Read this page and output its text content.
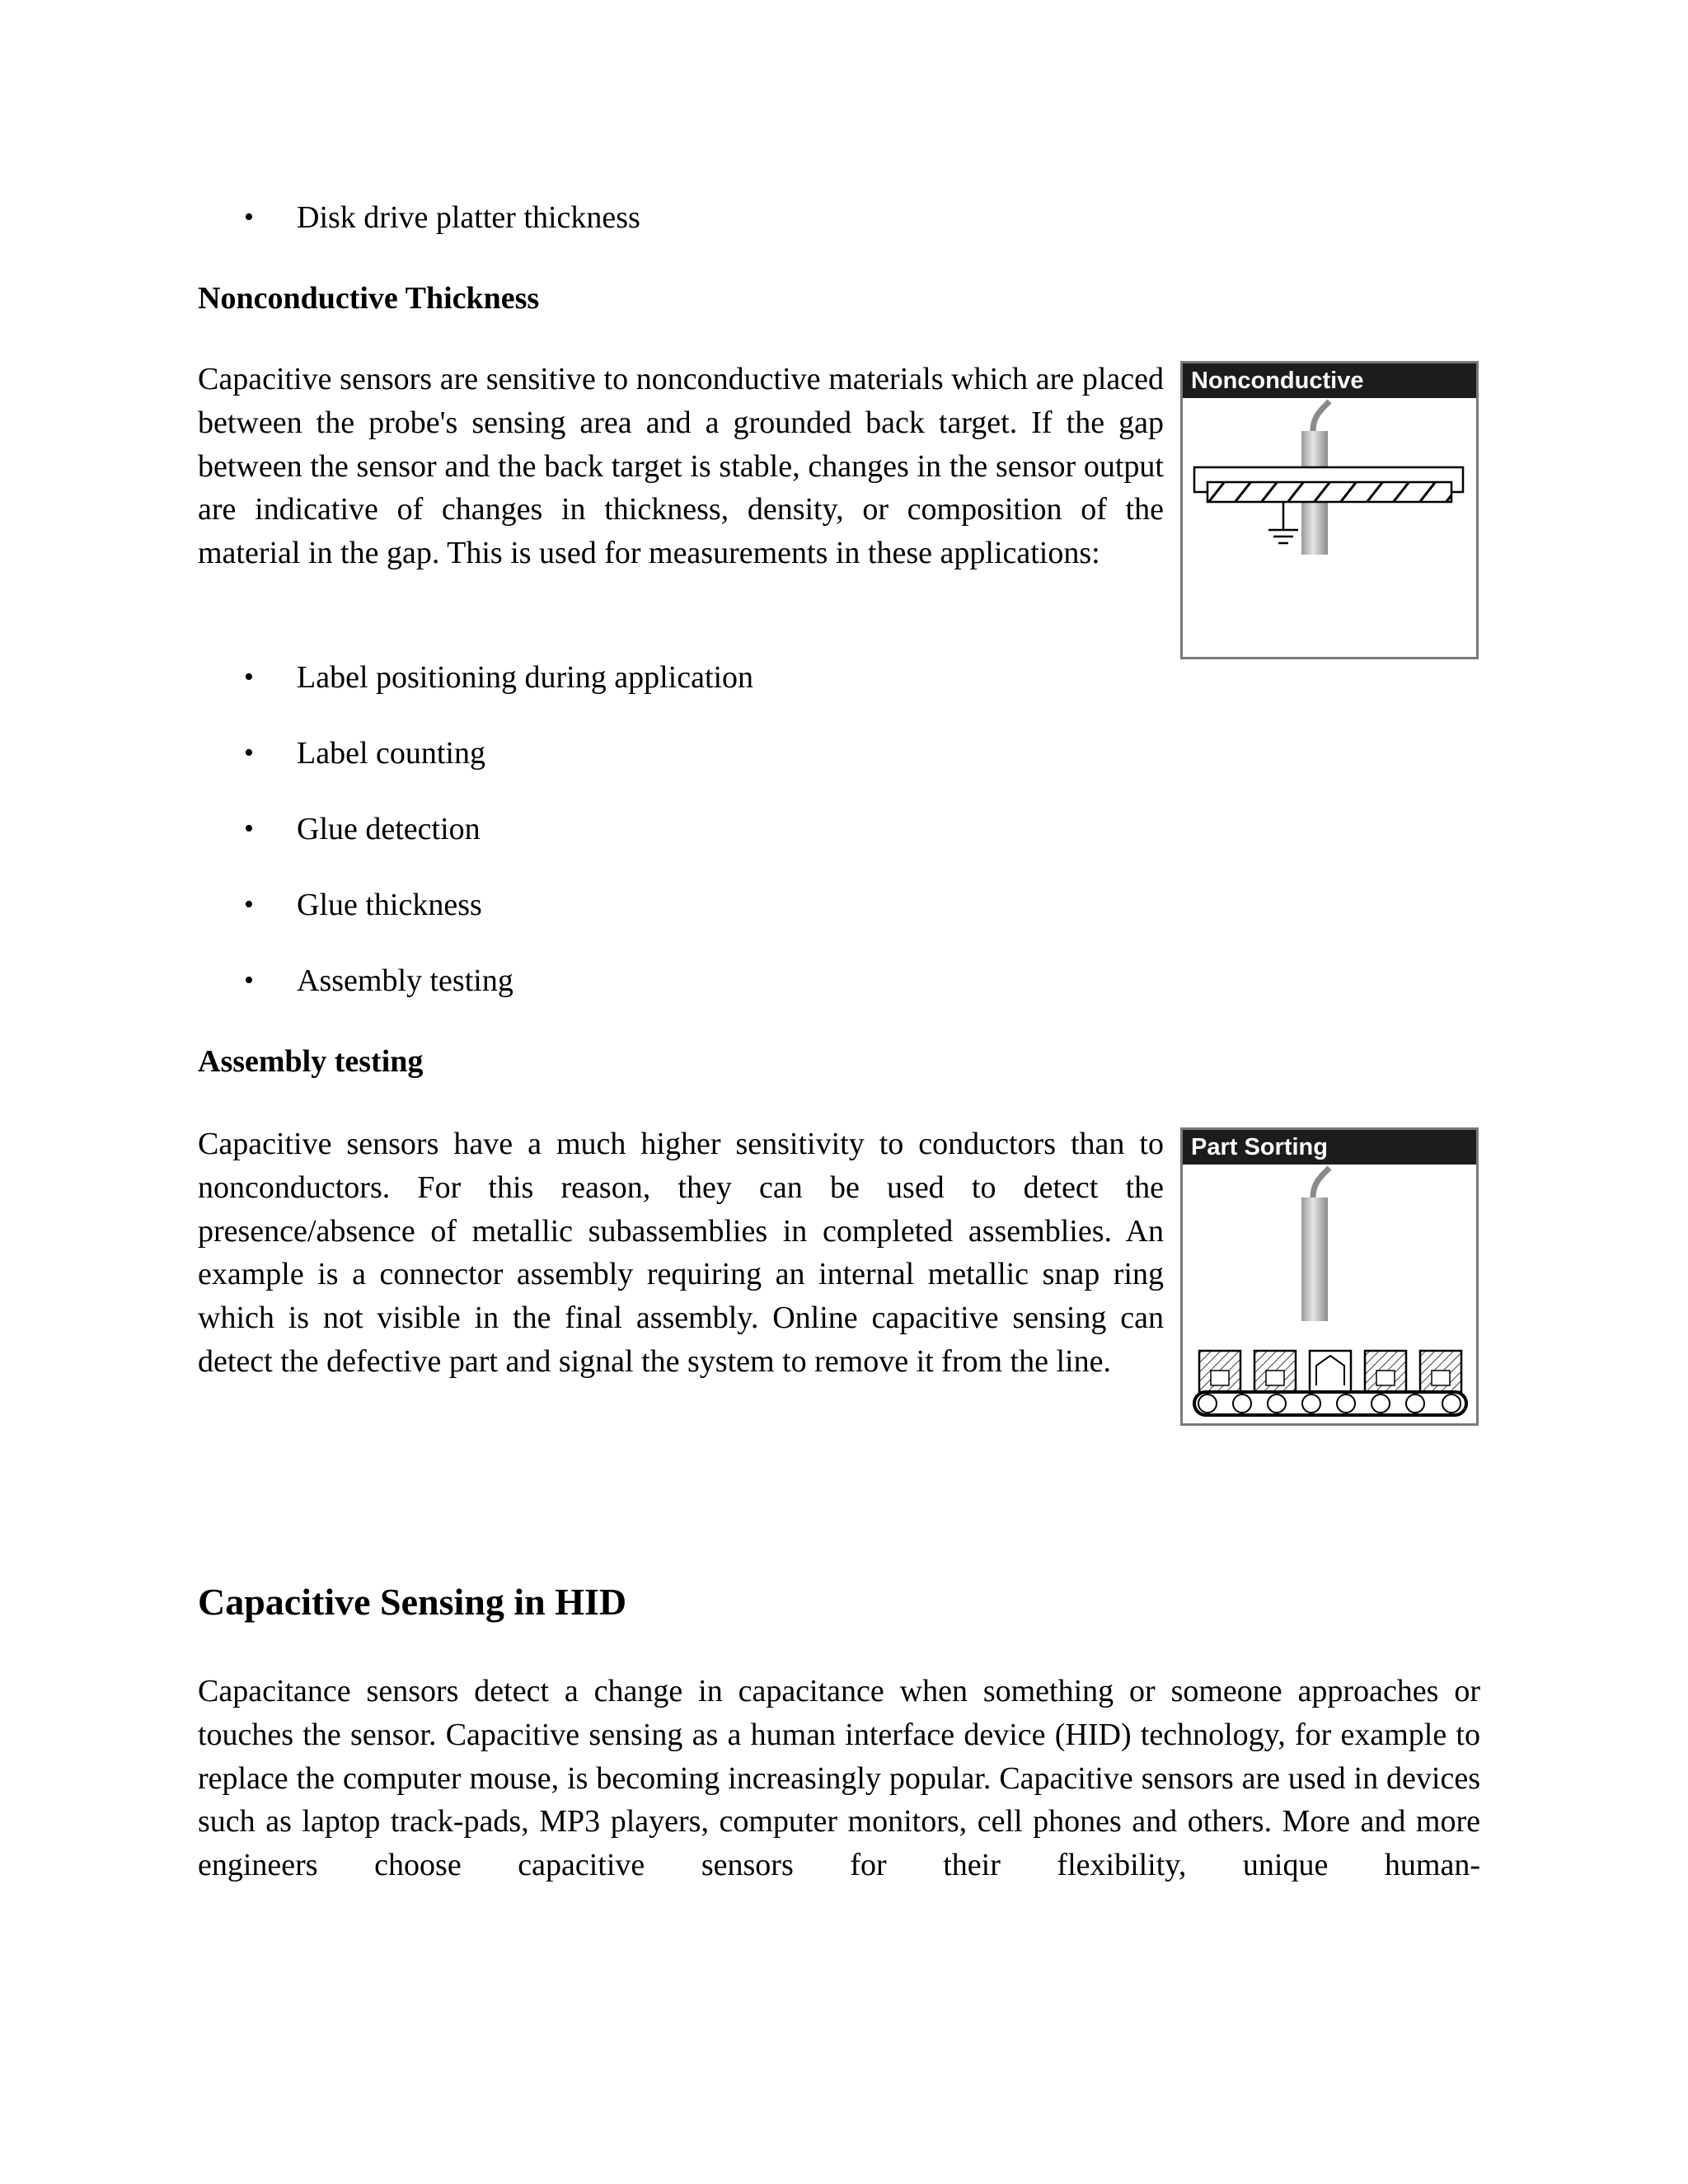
• Disk drive platter thickness
Nonconductive Thickness

Capacitive sensors are sensitive to nonconductive materials which are placed between the probe's sensing area and a grounded back target. If the gap between the sensor and the back target is stable, changes in the sensor output are indicative of changes in thickness, density, or composition of the material in the gap. This is used for measurements in these applications:

Nonconductive
• Label positioning during application
• Label counting
• Glue detection
• Glue thickness
• Assembly testing
Assembly testing

Capacitive sensors have a much higher sensitivity to conductors than to nonconductors. For this reason, they can be used to detect the presence/absence of metallic subassemblies in completed assemblies. An example is a connector assembly requiring an internal metallic snap ring which is not visible in the final assembly. Online capacitive sensing can detect the defective part and signal the system to remove it from the line.

Part Sorting
Capacitive Sensing in HID

Capacitance sensors detect a change in capacitance when something or someone approaches or touches the sensor. Capacitive sensing as a human interface device (HID) technology, for example to replace the computer mouse, is becoming increasingly popular. Capacitive sensors are used in devices such as laptop track-pads, MP3 players, computer monitors, cell phones and others. More and more engineers choose capacitive sensors for their flexibility, unique human-
